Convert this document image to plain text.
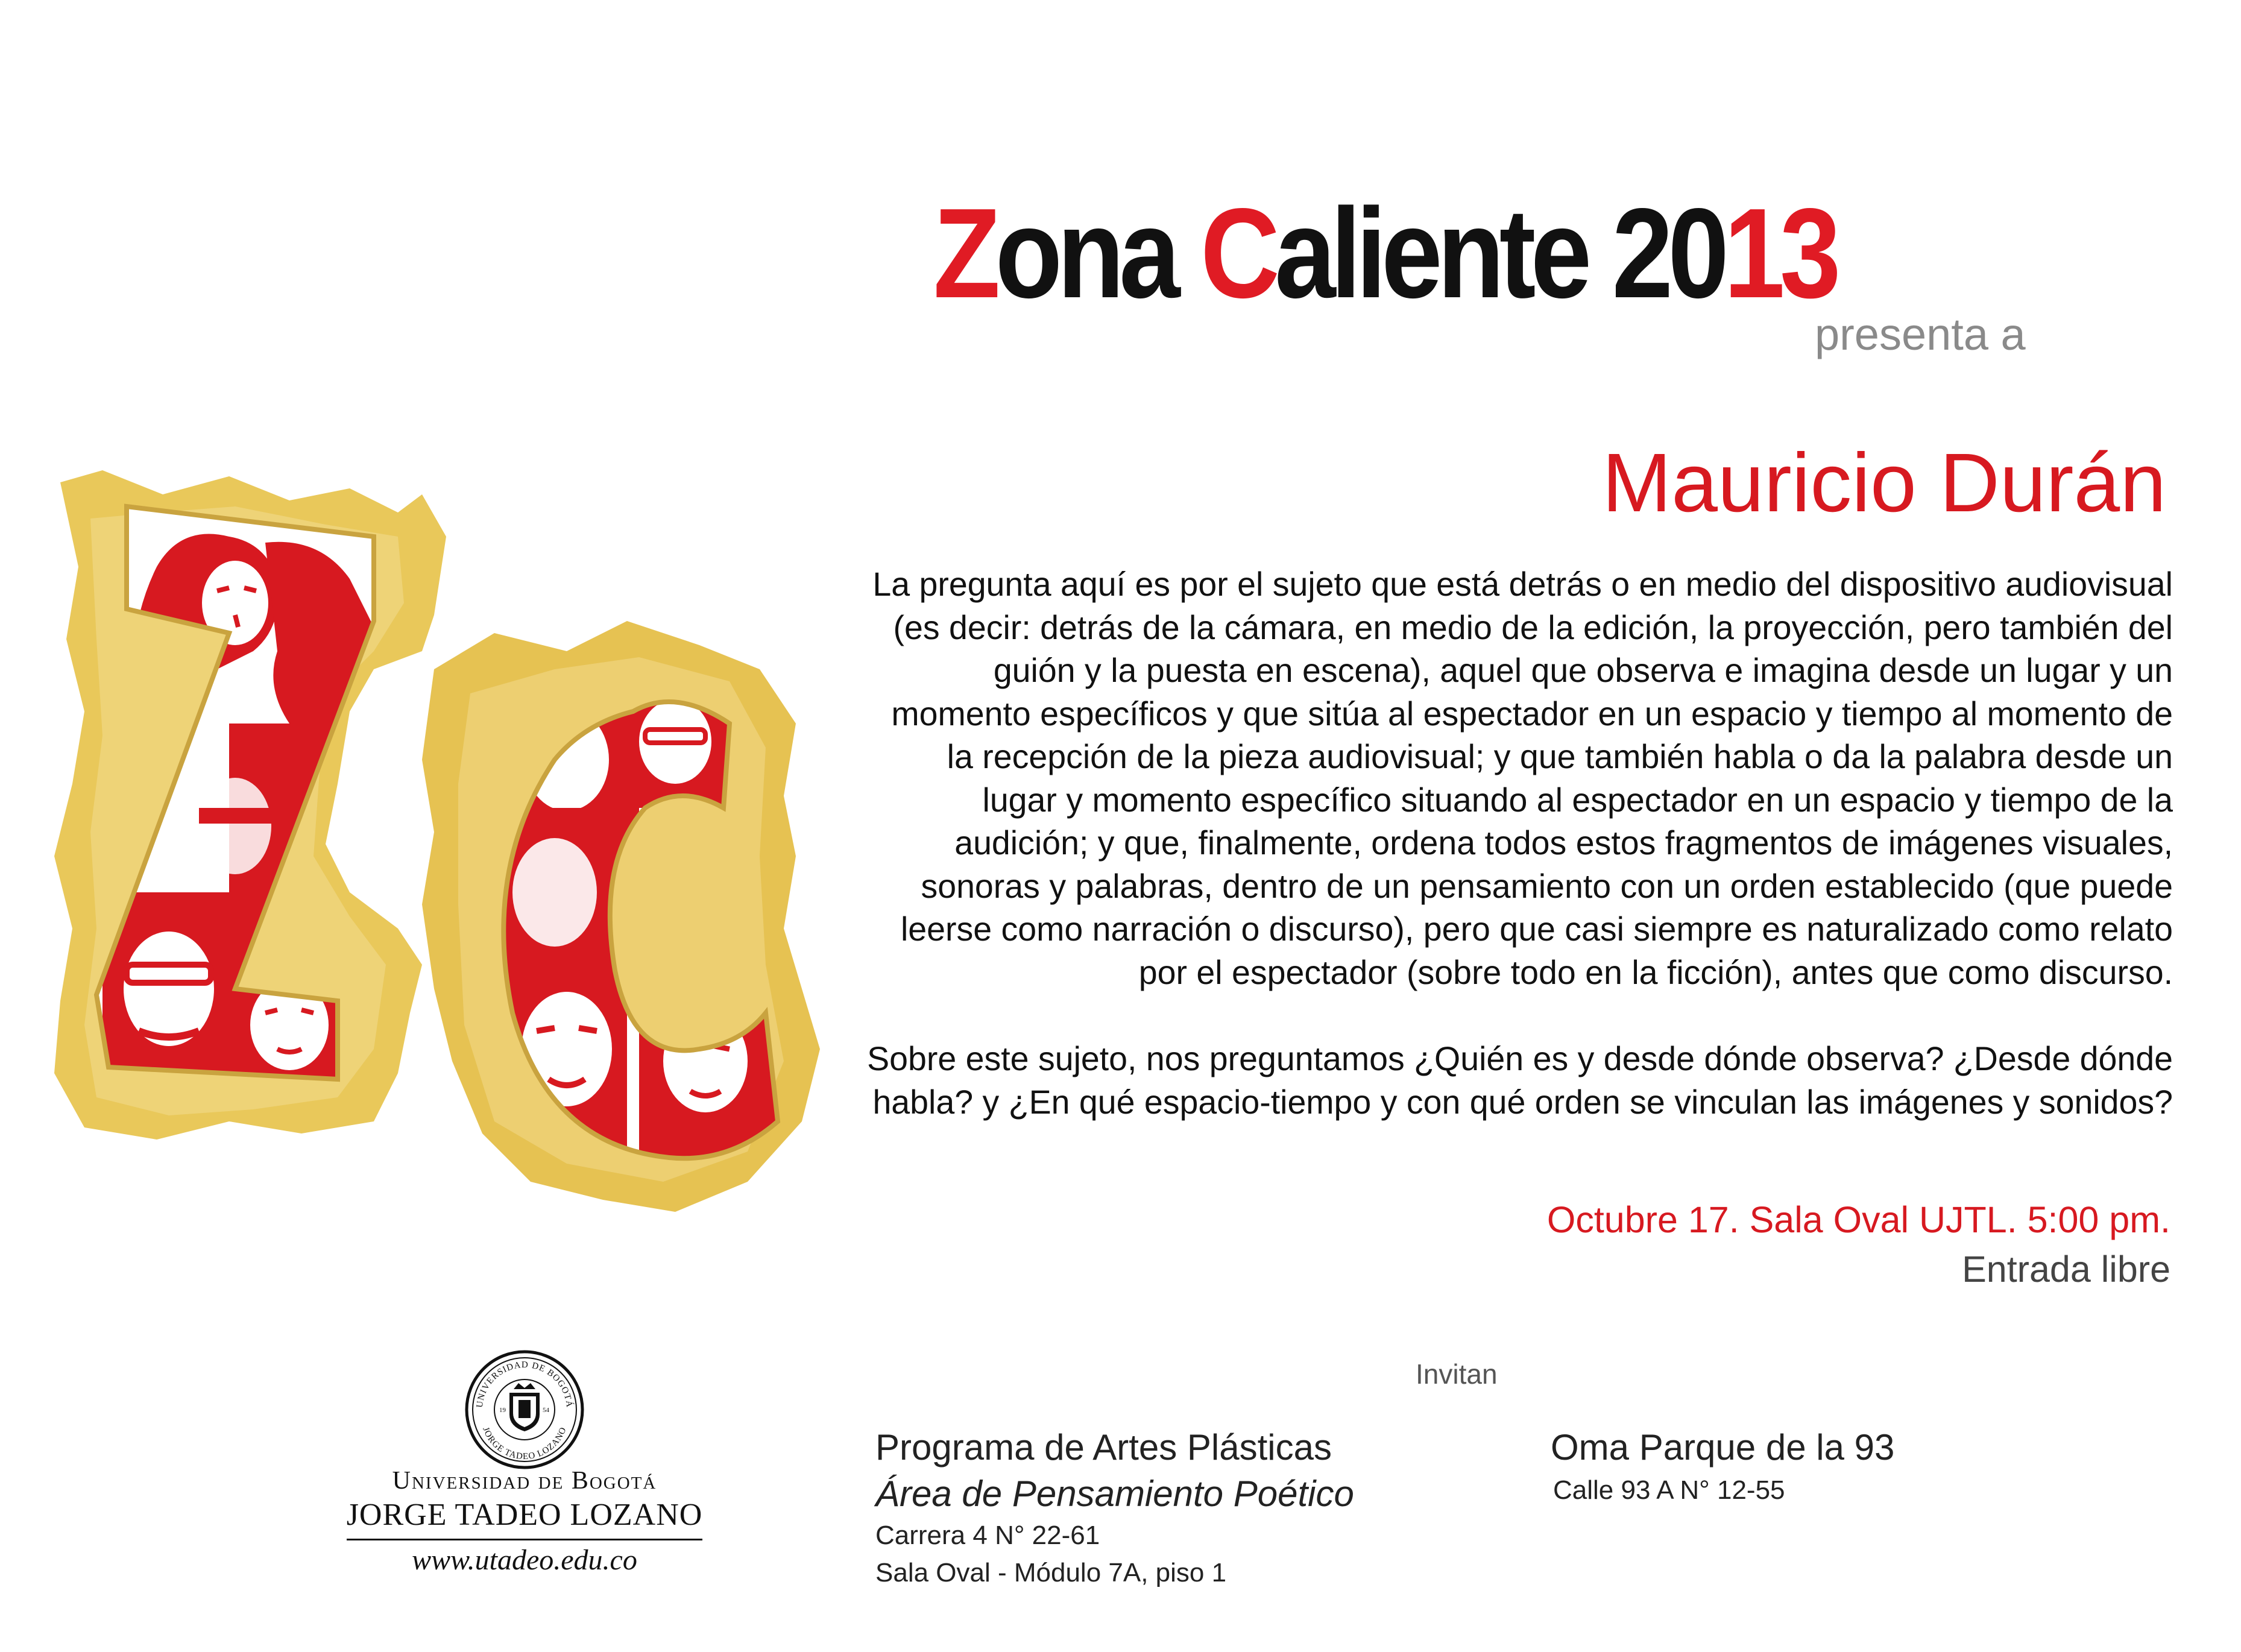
Zona Caliente 2013
presenta a
Mauricio Durán

La pregunta aquí es por el sujeto que está detrás o en medio del dispositivo audiovisual (es decir: detrás de la cámara, en medio de la edición, la proyección, pero también del guión y la puesta en escena), aquel que observa e imagina desde un lugar y un momento específicos y que sitúa al espectador en un espacio y tiempo al momento de la recepción de la pieza audiovisual; y que también habla o da la palabra desde un lugar y momento específico situando al espectador en un espacio y tiempo de la audición; y que, finalmente, ordena todos estos fragmentos de imágenes visuales, sonoras y palabras, dentro de un pensamiento con un orden establecido (que puede leerse como narración o discurso), pero que casi siempre es naturalizado como relato por el espectador (sobre todo en la ficción), antes que como discurso.

Sobre este sujeto, nos preguntamos ¿Quién es y desde dónde observa? ¿Desde dónde habla? y ¿En qué espacio-tiempo y con qué orden se vinculan las imágenes y sonidos?

Octubre 17. Sala Oval UJTL. 5:00 pm.
Entrada libre
Invitan
Programa de Artes Plásticas
Área de Pensamiento Poético
Carrera 4 N° 22-61
Sala Oval - Módulo 7A, piso 1
Oma Parque de la 93
Calle 93 A N° 12-55
UNIVERSIDAD DE BOGOTÁ
JORGE TADEO LOZANO
19	54
Universidad de Bogotá
JORGE TADEO LOZANO
www.utadeo.edu.co
